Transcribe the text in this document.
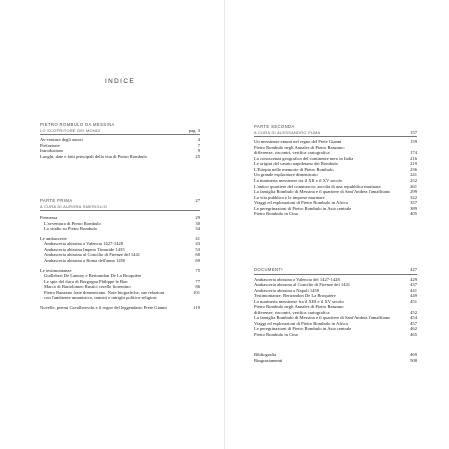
INDICE
PIETRO ROMBULO DA MESSINA
LO SCOPRITORE DEI MONDI	pag. 3
Av-ventura degli autori	4
Prefazione	7
Introduzione	9
Luoghi, date e fatti principali della vita di Pietro Rombulo	25
PARTE PRIMA	27
A CURA DI AURORA SMERIGLIO
Premessa	29
L'avventura di Pietro Rombulo	30
Lo studio su Pietro Rombulo	34
Le ambascerie	41
Ambasceria abissina a Valencia 1427-1428	43
Ambasceria abissina Impero Timuride 1435	53
Ambasceria abissina al Concilio di Firenze del 1441	60
Ambasceria abissina a Roma dell'anno 1450	69
Le testimonianze	75
Guillebert De Lannoy e Bertrandon De La Broquière
Le spie del duca di Borgogna Philippe le Bon	77
Marco di Bartolomeo Rustici cerello fiorentino	86
Pietro Ranzano frate domenicano. Note biografiche, sue relazioni	101
con l'ambiente umanistico, transiti e intrighi politico-religiosi
Novelle, poemi Cavallereschi e il regno del leggendario Prete Gianni	119
PARTE SECONDA
A CURA DI ALESSANDRO PUMA	157
Un messinese emunt nel regno del Prete Gianni	159
Pietro Rombulo negli Annales di Pietro Ranzano:
differenze, riscontri, verifica cartografica	174
La conoscenza geografica del continente nero in Italia	216
Le origini del casato napoletano dei Rombulo	219
L'Etiopia nelle memorie di Pietro Rombulo	236
Un grande esploratore dimenticato	241
La marineria messinese tra il XII e il XV secolo	252
L'antico quartiere del commercio: ascolta di una repubblica marinara	261
La famiglia Rombulo di Messina e il quartiere di Sant'Andrea l'amalfitano	299
La vita pubblica e le imprese marinare	322
Viaggi ed esplorazioni di Pietro Rombulo in Africa	357
Le peregrinazioni di Pietro Rombulo in Asia centrale	389
Pietro Rombulo in Cina	405
DOCUMENTI	427
Ambasceria abissina a Valencia del 1427-1428	429
Ambasceria abissina al Concilio di Firenze del 1441	437
Ambasceria abissina a Napoli 1450	441
Testimonianze. Bertrandon De La Broquière	449
La marineria messinese fra il XIII e il XV secolo	451
Pietro Rombulo negli Annales di Pietro Ranzano
differenze, riscontri, verifica cartografica	452
La famiglia Rombulo di Messina e il quartiere di Sant'Andrea l'amalfitano	454
Viaggi ed esplorazioni di Pietro Rombulo in Africa	457
Le peregrinazioni di Pietro Rombulo in Asia centrale	462
Pietro Rombulo in Cina	465
Bibliografia	469
Ringraziamenti	508
